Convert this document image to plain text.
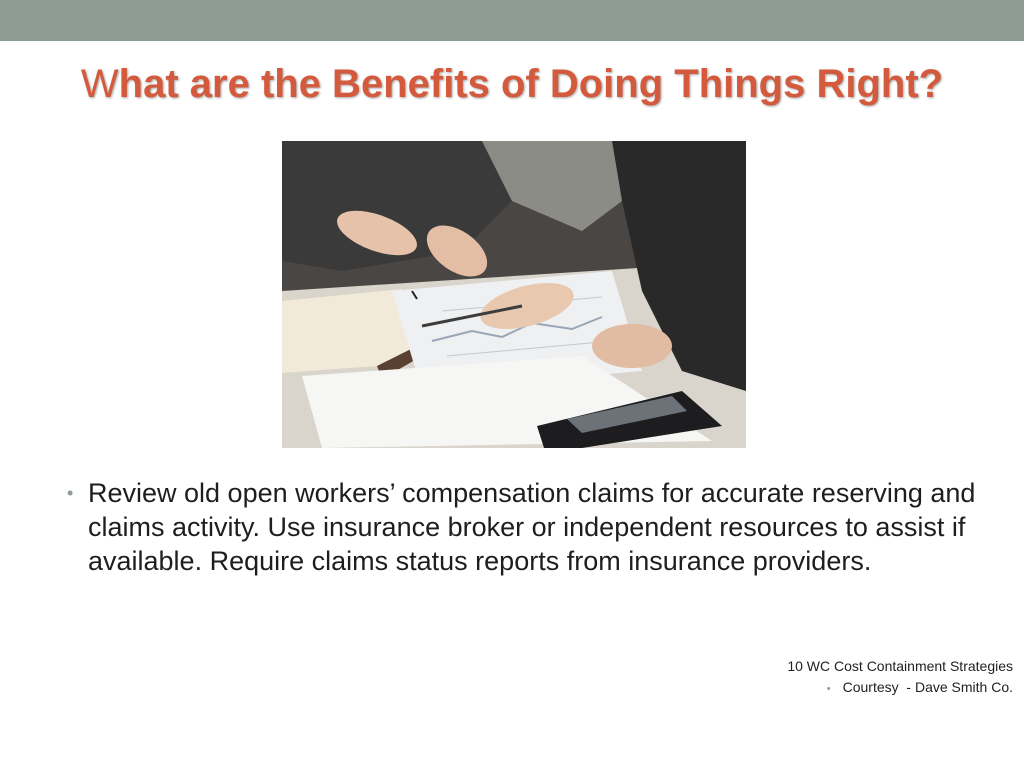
What are the Benefits of Doing Things Right?
• Review old open workers’ compensation claims for accurate reserving and claims activity. Use insurance broker or independent resources to assist if available. Require claims status reports from insurance providers.
10 WC Cost Containment Strategies
• Courtesy  - Dave Smith Co.
